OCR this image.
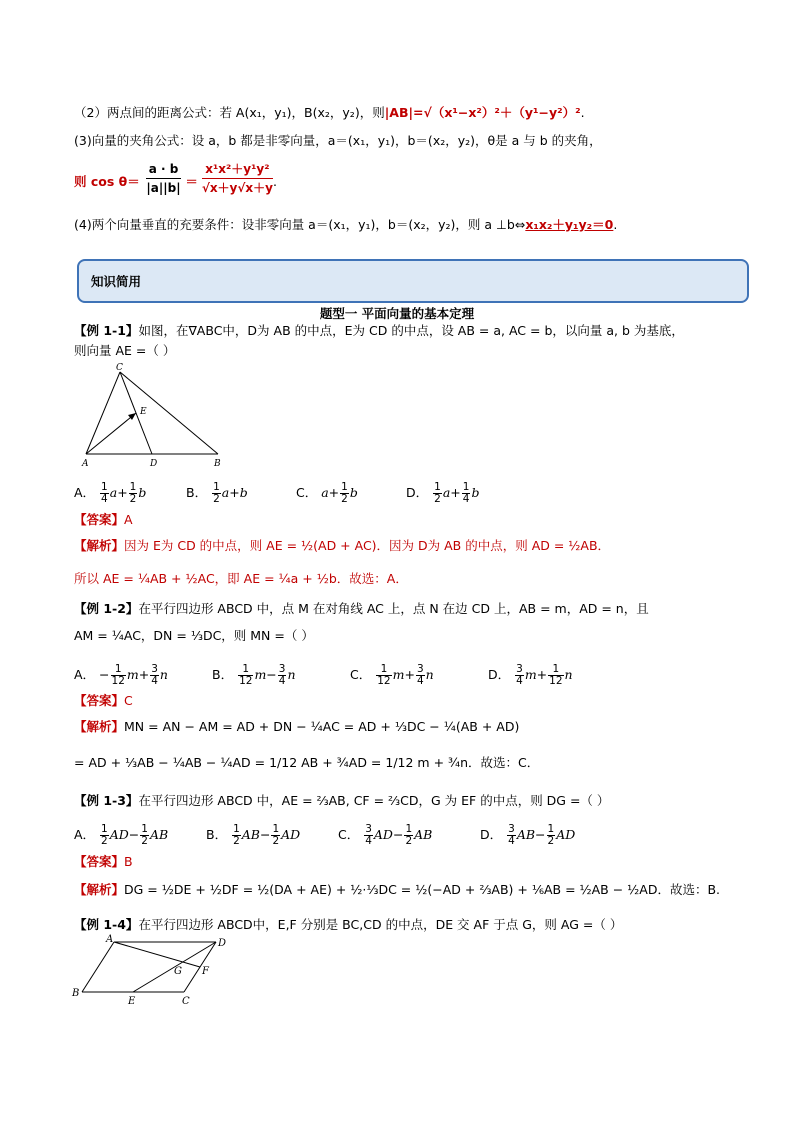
（2）两点间的距离公式：若 A(x₁，y₁)，B(x₂，y₂)，则|AB|=√（x¹−x²）²＋（y¹−y²）².
(3)向量的夹角公式：设 a，b 都是非零向量，a＝(x₁，y₁)，b＝(x₂，y₂)，θ是 a 与 b 的夹角，
则 $\cos \theta= \frac{a \cdot b}{|a||b|} = \frac{\text{x¹x²＋y¹y²}}{√x+y√x+y}$ .
(4)两个向量垂直的充要条件：设非零向量 a＝(x₁，y₁)，b＝(x₂，y₂)，则 a ⊥b⇔x₁x₂＋y₁y₂＝0.
知识简用
题型一 平面向量的基本定理
【例 1-1】如图，在∇ABC中，D为 AB 的中点，E为 CD 的中点，设 AB = a, AC = b，以向量 a, b 为基底，
则向量 AE =（ ）
C
E
A	D	B
A． $\frac{1}{4} a+ \frac{1}{2}$ b	B． $\frac{1}{2} a+b$	C． $a+ \frac{1}{2}$ b	D． $\frac{1}{2} a+ \frac{1}{4}$ b
【答案】A
【解析】因为 E为 CD 的中点，则 AE = ½(AD + AC)．因为 D为 AB 的中点，则 AD = ½AB．
所以 AE = ¼AB + ½AC，即 AE = ¼a + ½b．故选：A．
【例 1-2】在平行四边形 ABCD 中，点 M 在对角线 AC 上，点 N 在边 CD 上，AB = m，AD = n，且
AM = ¼AC，DN = ⅓DC，则 MN =（ ）
A． − $\frac{1}{12} m+ \frac{3}{4}$ n	B． $\frac{1}{12} m- \frac{3}{4}$ n	C． $\frac{1}{12} m+ \frac{3}{4}$ n	D． $\frac{3}{4} m+ \frac{1}{12}$ n
【答案】C
【解析】MN = AN − AM = AD + DN − ¼AC = AD + ⅓DC − ¼(AB + AD)
= AD + ⅓AB − ¼AB − ¼AD = 1/12 AB + ¾AD = 1/12 m + ¾n．故选：C．
【例 1-3】在平行四边形 ABCD 中，AE = ⅔AB, CF = ⅔CD，G 为 EF 的中点，则 DG =（ ）
A． $\frac{1}{2} AD- \frac{1}{2}$ AB	B． $\frac{1}{2} AB- \frac{1}{2}$ AD	C． $\frac{3}{4} AD- \frac{1}{2}$ AB	D． $\frac{3}{4} AB- \frac{1}{2}$ AD
【答案】B
【解析】DG = ½DE + ½DF = ½(DA + AE) + ½·⅓DC = ½(−AD + ⅔AB) + ⅙AB = ½AB − ½AD．故选：B.
【例 1-4】在平行四边形 ABCD中，E,F 分别是 BC,CD 的中点，DE 交 AF 于点 G，则 AG =（ ）
A	D
G F
B
E	C
